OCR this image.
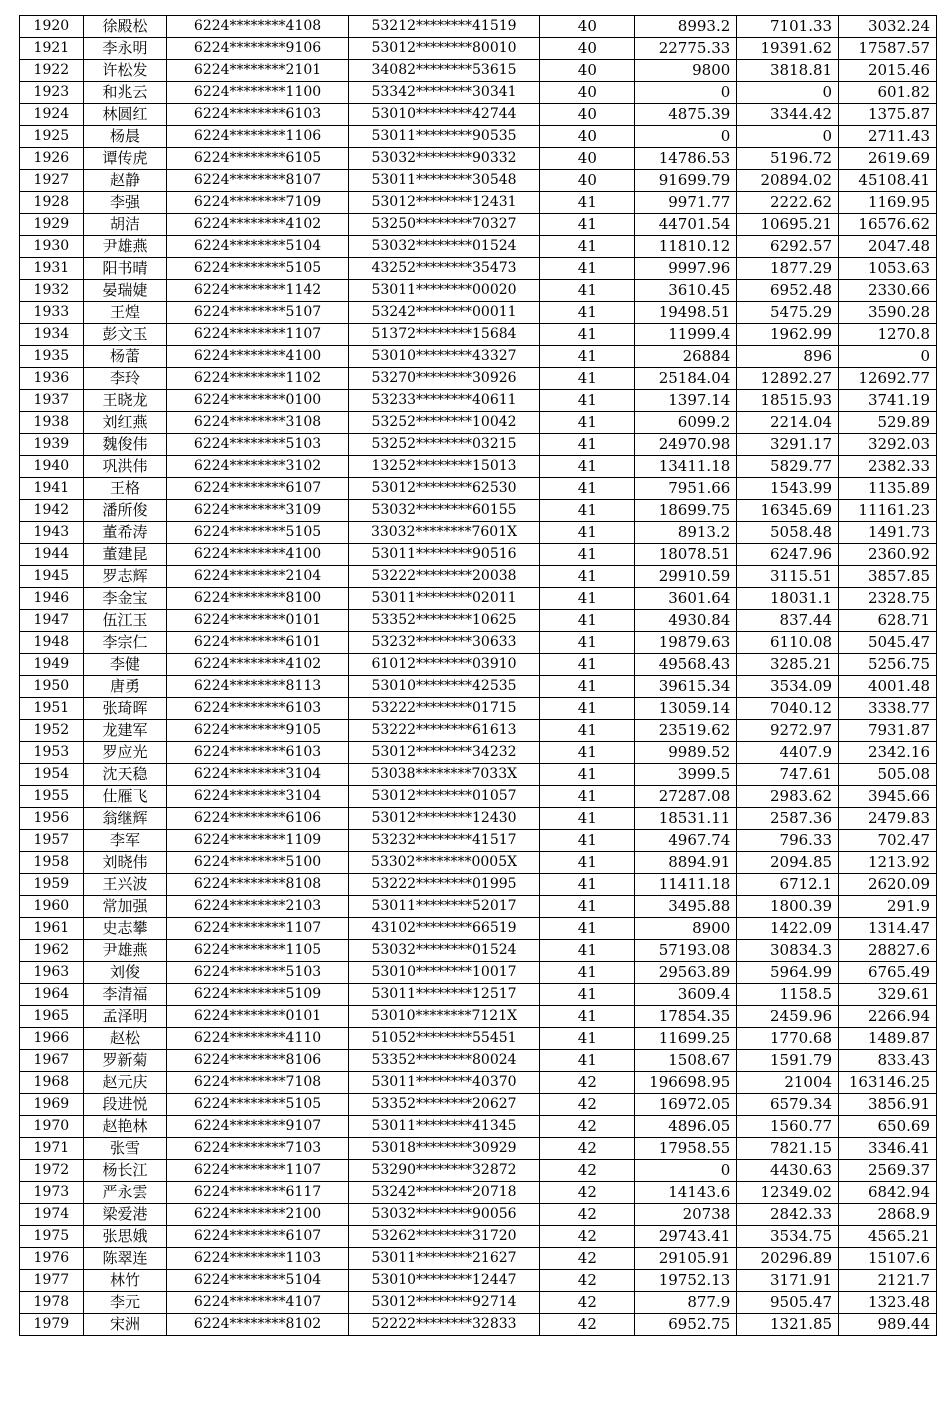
1920	徐殿松	6224********4108	53212********41519	40	8993.2	7101.33	3032.24
1921	李永明	6224********9106	53012********80010	40	22775.33	19391.62	17587.57
1922	许松发	6224********2101	34082********53615	40	9800	3818.81	2015.46
1923	和兆云	6224********1100	53342********30341	40	0	0	601.82
1924	林圆红	6224********6103	53010********42744	40	4875.39	3344.42	1375.87
1925	杨晨	6224********1106	53011********90535	40	0	0	2711.43
1926	谭传虎	6224********6105	53032********90332	40	14786.53	5196.72	2619.69
1927	赵静	6224********8107	53011********30548	40	91699.79	20894.02	45108.41
1928	李强	6224********7109	53012********12431	41	9971.77	2222.62	1169.95
1929	胡洁	6224********4102	53250********70327	41	44701.54	10695.21	16576.62
1930	尹雄燕	6224********5104	53032********01524	41	11810.12	6292.57	2047.48
1931	阳书晴	6224********5105	43252********35473	41	9997.96	1877.29	1053.63
1932	晏瑞婕	6224********1142	53011********00020	41	3610.45	6952.48	2330.66
1933	王煌	6224********5107	53242********00011	41	19498.51	5475.29	3590.28
1934	彭文玉	6224********1107	51372********15684	41	11999.4	1962.99	1270.8
1935	杨蕾	6224********4100	53010********43327	41	26884	896	0
1936	李玲	6224********1102	53270********30926	41	25184.04	12892.27	12692.77
1937	王晓龙	6224********0100	53233********40611	41	1397.14	18515.93	3741.19
1938	刘红燕	6224********3108	53252********10042	41	6099.2	2214.04	529.89
1939	魏俊伟	6224********5103	53252********03215	41	24970.98	3291.17	3292.03
1940	巩洪伟	6224********3102	13252********15013	41	13411.18	5829.77	2382.33
1941	王格	6224********6107	53012********62530	41	7951.66	1543.99	1135.89
1942	潘所俊	6224********3109	53032********60155	41	18699.75	16345.69	11161.23
1943	董希涛	6224********5105	33032********7601X	41	8913.2	5058.48	1491.73
1944	董建昆	6224********4100	53011********90516	41	18078.51	6247.96	2360.92
1945	罗志辉	6224********2104	53222********20038	41	29910.59	3115.51	3857.85
1946	李金宝	6224********8100	53011********02011	41	3601.64	18031.1	2328.75
1947	伍江玉	6224********0101	53352********10625	41	4930.84	837.44	628.71
1948	李宗仁	6224********6101	53232********30633	41	19879.63	6110.08	5045.47
1949	李健	6224********4102	61012********03910	41	49568.43	3285.21	5256.75
1950	唐勇	6224********8113	53010********42535	41	39615.34	3534.09	4001.48
1951	张琦晖	6224********6103	53222********01715	41	13059.14	7040.12	3338.77
1952	龙建军	6224********9105	53222********61613	41	23519.62	9272.97	7931.87
1953	罗应光	6224********6103	53012********34232	41	9989.52	4407.9	2342.16
1954	沈天稳	6224********3104	53038********7033X	41	3999.5	747.61	505.08
1955	仕雁飞	6224********3104	53012********01057	41	27287.08	2983.62	3945.66
1956	翁继辉	6224********6106	53012********12430	41	18531.11	2587.36	2479.83
1957	李军	6224********1109	53232********41517	41	4967.74	796.33	702.47
1958	刘晓伟	6224********5100	53302********0005X	41	8894.91	2094.85	1213.92
1959	王兴波	6224********8108	53222********01995	41	11411.18	6712.1	2620.09
1960	常加强	6224********2103	53011********52017	41	3495.88	1800.39	291.9
1961	史志攀	6224********1107	43102********66519	41	8900	1422.09	1314.47
1962	尹雄燕	6224********1105	53032********01524	41	57193.08	30834.3	28827.6
1963	刘俊	6224********5103	53010********10017	41	29563.89	5964.99	6765.49
1964	李清福	6224********5109	53011********12517	41	3609.4	1158.5	329.61
1965	孟泽明	6224********0101	53010********7121X	41	17854.35	2459.96	2266.94
1966	赵松	6224********4110	51052********55451	41	11699.25	1770.68	1489.87
1967	罗新菊	6224********8106	53352********80024	41	1508.67	1591.79	833.43
1968	赵元庆	6224********7108	53011********40370	42	196698.95	21004	163146.25
1969	段进悦	6224********5105	53352********20627	42	16972.05	6579.34	3856.91
1970	赵艳林	6224********9107	53011********41345	42	4896.05	1560.77	650.69
1971	张雪	6224********7103	53018********30929	42	17958.55	7821.15	3346.41
1972	杨长江	6224********1107	53290********32872	42	0	4430.63	2569.37
1973	严永雲	6224********6117	53242********20718	42	14143.6	12349.02	6842.94
1974	梁爱港	6224********2100	53032********90056	42	20738	2842.33	2868.9
1975	张思娥	6224********6107	53262********31720	42	29743.41	3534.75	4565.21
1976	陈翠连	6224********1103	53011********21627	42	29105.91	20296.89	15107.6
1977	林竹	6224********5104	53010********12447	42	19752.13	3171.91	2121.7
1978	李元	6224********4107	53012********92714	42	877.9	9505.47	1323.48
1979	宋洲	6224********8102	52222********32833	42	6952.75	1321.85	989.44
